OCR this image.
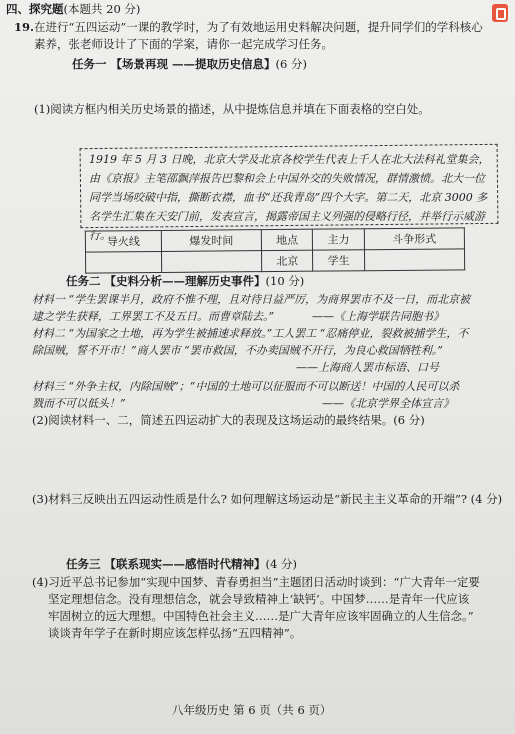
四、探究题(本题共 20 分)
19.在进行“五四运动”一课的教学时，为了有效地运用史料解决问题，提升同学们的学科核心
素养，张老师设计了下面的学案，请你一起完成学习任务。
任务一 【场景再现 ——提取历史信息】(6 分)
(1)阅读方框内相关历史场景的描述，从中提炼信息并填在下面表格的空白处。
1919 年 5 月 3 日晚，北京大学及北京各校学生代表上千人在北大法科礼堂集会，由《京报》主笔邵飘萍报告巴黎和会上中国外交的失败情况，群情激愤。北大一位同学当场咬破中指，撕断衣襟，血书“还我青岛”四个大字。第二天，北京 3000 多名学生汇集在天安门前，发表宣言，揭露帝国主义列强的侵略行径，并举行示威游行。
导火线	爆发时间	地点	主力	斗争形式
		北京	学生	
任务二 【史料分析——理解历史事件】(10 分)
材料一 “学生罢课半月，政府不惟不理，且对待日益严厉，为商界罢市不及一日，而北京被
逮之学生获释，工界罢工不及五日。而曹章陆去。”	——《上海学联告同胞书》
材料二 “为国家之土地，再为学生被捕速求释放。”工人罢工 “忍痛停业，裂救被捕学生，不
除国贼，誓不开市！”商人罢市 “罢市救国，不办卖国贼不开行，为良心救国牺牲利。”
——上海商人罢市标语、口号
材料三 “外争主权，内除国贼”；“中国的土地可以征服而不可以断送！中国的人民可以杀
戮而不可以低头！”	——《北京学界全体宣言》
(2)阅读材料一、二，简述五四运动扩大的表现及这场运动的最终结果。(6 分)
(3)材料三反映出五四运动性质是什么? 如何理解这场运动是“新民主主义革命的开端”? (4 分)
任务三 【联系现实——感悟时代精神】(4 分)
(4)习近平总书记参加“实现中国梦、青春勇担当”主题团日活动时谈到：“广大青年一定要
坚定理想信念。没有理想信念，就会导致精神上‘缺钙’。中国梦……是青年一代应该
牢固树立的远大理想。中国特色社会主义……是广大青年应该牢固确立的人生信念。”
谈谈青年学子在新时期应该怎样弘扬“五四精神”。
八年级历史 第 6 页（共 6 页）
